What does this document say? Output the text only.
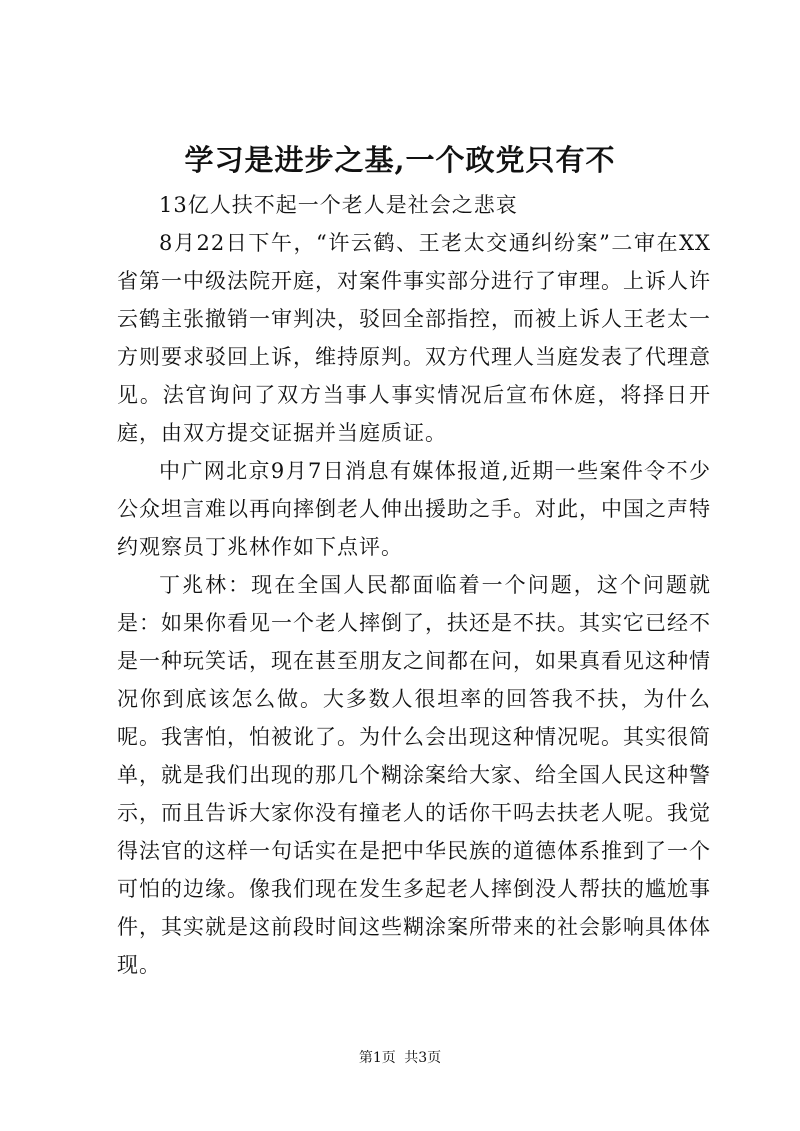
学习是进步之基,一个政党只有不

13亿人扶不起一个老人是社会之悲哀

8月22日下午，“许云鹤、王老太交通纠纷案”二审在XX省第一中级法院开庭，对案件事实部分进行了审理。上诉人许云鹤主张撤销一审判决，驳回全部指控，而被上诉人王老太一方则要求驳回上诉，维持原判。双方代理人当庭发表了代理意见。法官询问了双方当事人事实情况后宣布休庭，将择日开庭，由双方提交证据并当庭质证。

中广网北京9月7日消息有媒体报道,近期一些案件令不少公众坦言难以再向摔倒老人伸出援助之手。对此，中国之声特约观察员丁兆林作如下点评。

丁兆林：现在全国人民都面临着一个问题，这个问题就是：如果你看见一个老人摔倒了，扶还是不扶。其实它已经不是一种玩笑话，现在甚至朋友之间都在问，如果真看见这种情况你到底该怎么做。大多数人很坦率的回答我不扶，为什么呢。我害怕，怕被讹了。为什么会出现这种情况呢。其实很简单，就是我们出现的那几个糊涂案给大家、给全国人民这种警示，而且告诉大家你没有撞老人的话你干吗去扶老人呢。我觉得法官的这样一句话实在是把中华民族的道德体系推到了一个可怕的边缘。像我们现在发生多起老人摔倒没人帮扶的尴尬事件，其实就是这前段时间这些糊涂案所带来的社会影响具体体现。

第1页 共3页
